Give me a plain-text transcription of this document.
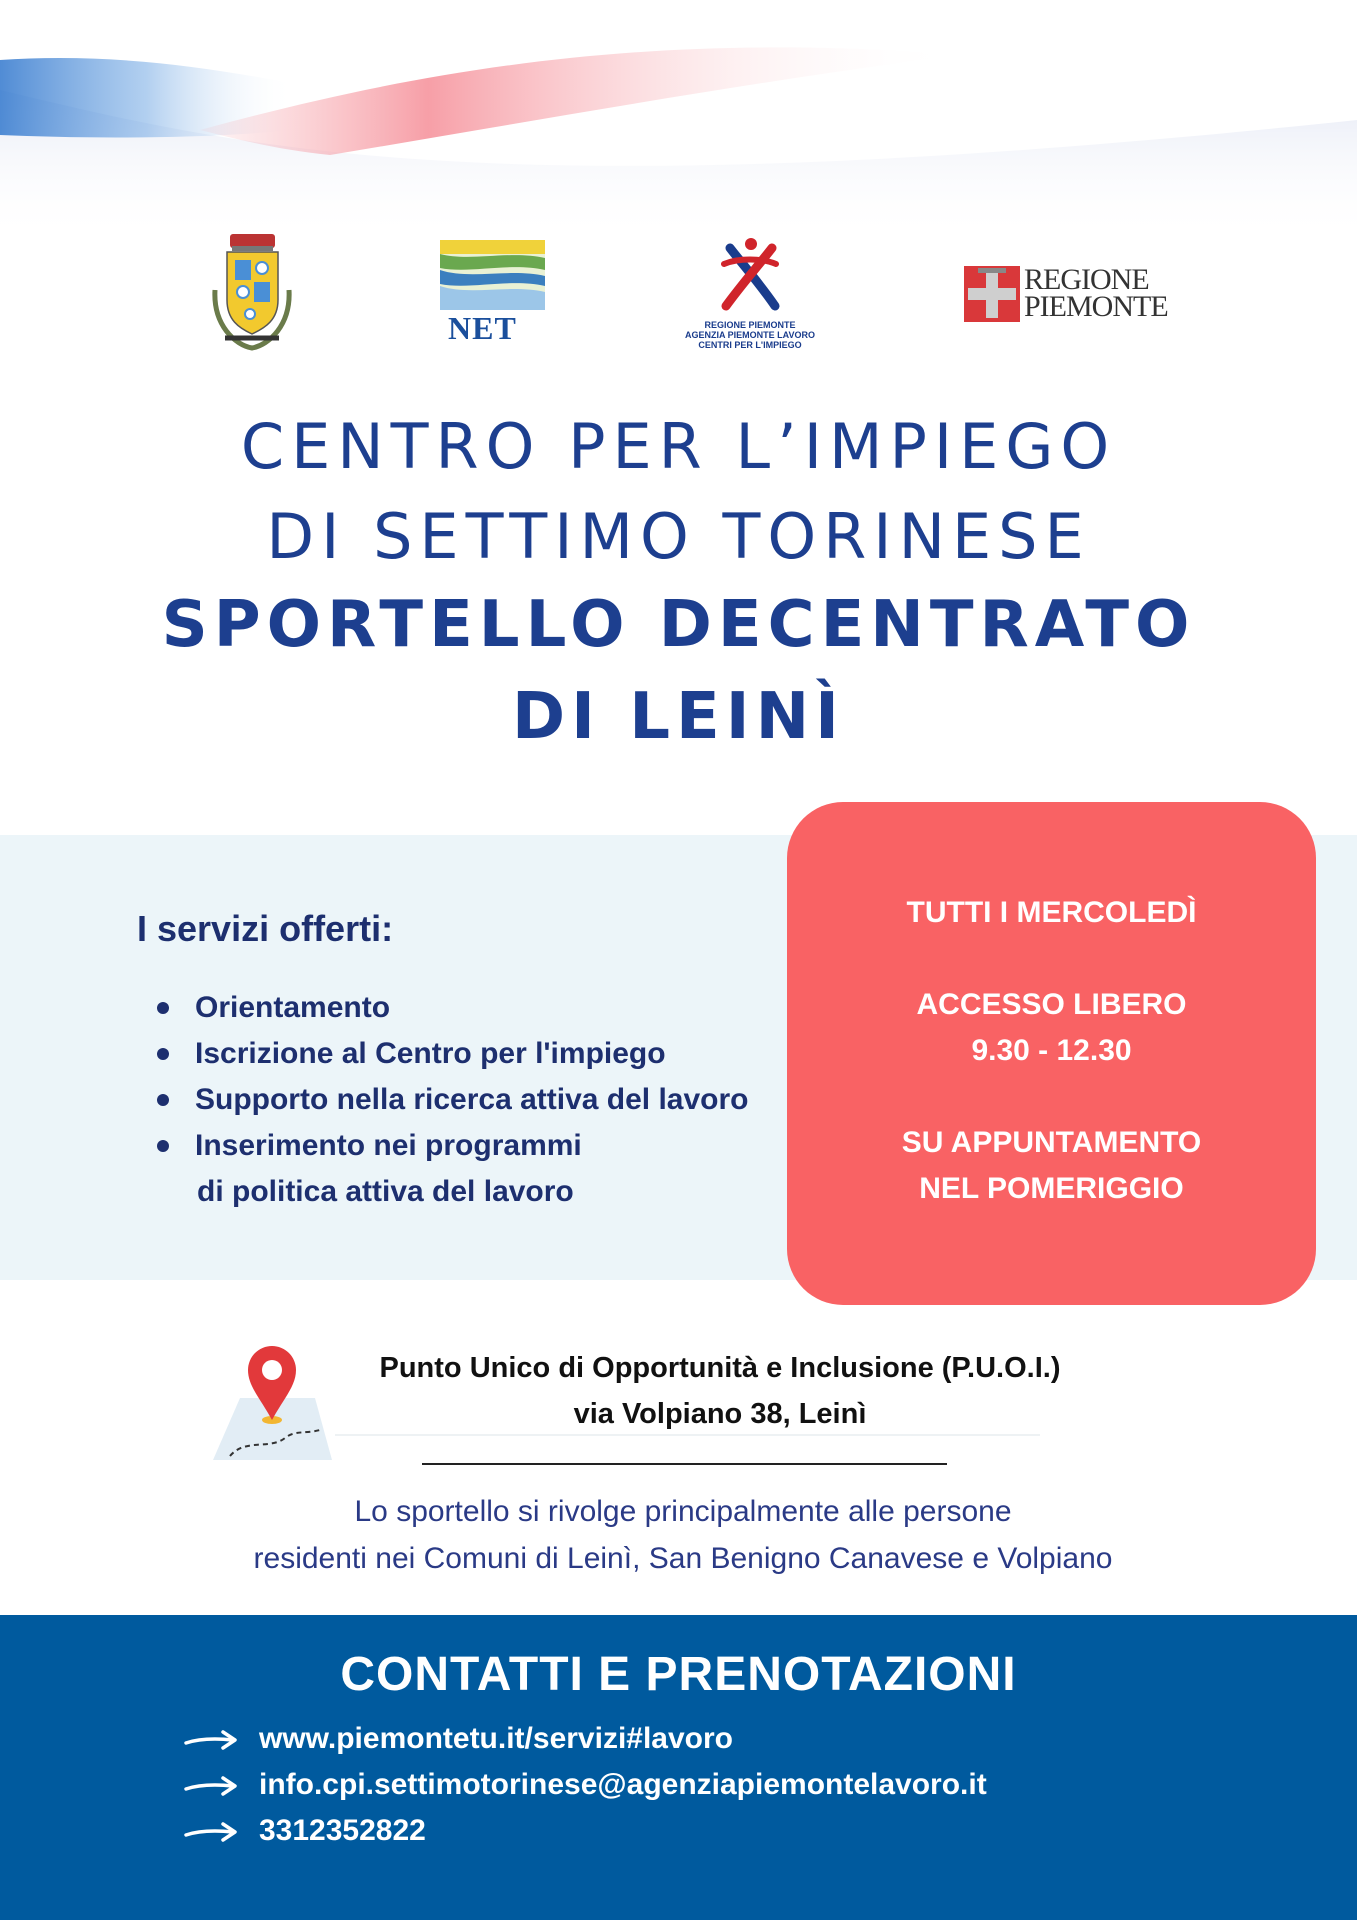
NET	REGIONE PIEMONTE
AGENZIA PIEMONTE LAVORO
CENTRI PER L'IMPIEGO
REGIONE
PIEMONTE
CENTRO PER L’IMPIEGO
DI SETTIMO TORINESE
SPORTELLO DECENTRATO
DI LEINÌ
I servizi offerti:
Orientamento
Iscrizione al Centro per l'impiego
Supporto nella ricerca attiva del lavoro
Inserimento nei programmi
di politica attiva del lavoro
TUTTI I MERCOLEDÌ
ACCESSO LIBERO
9.30 - 12.30
SU APPUNTAMENTO
NEL POMERIGGIO
Punto Unico di Opportunità e Inclusione (P.U.O.I.)
via Volpiano 38, Leinì
Lo sportello si rivolge principalmente alle persone
residenti nei Comuni di Leinì, San Benigno Canavese e Volpiano
CONTATTI E PRENOTAZIONI
www.piemontetu.it/servizi#lavoro
info.cpi.settimotorinese@agenziapiemontelavoro.it
3312352822
